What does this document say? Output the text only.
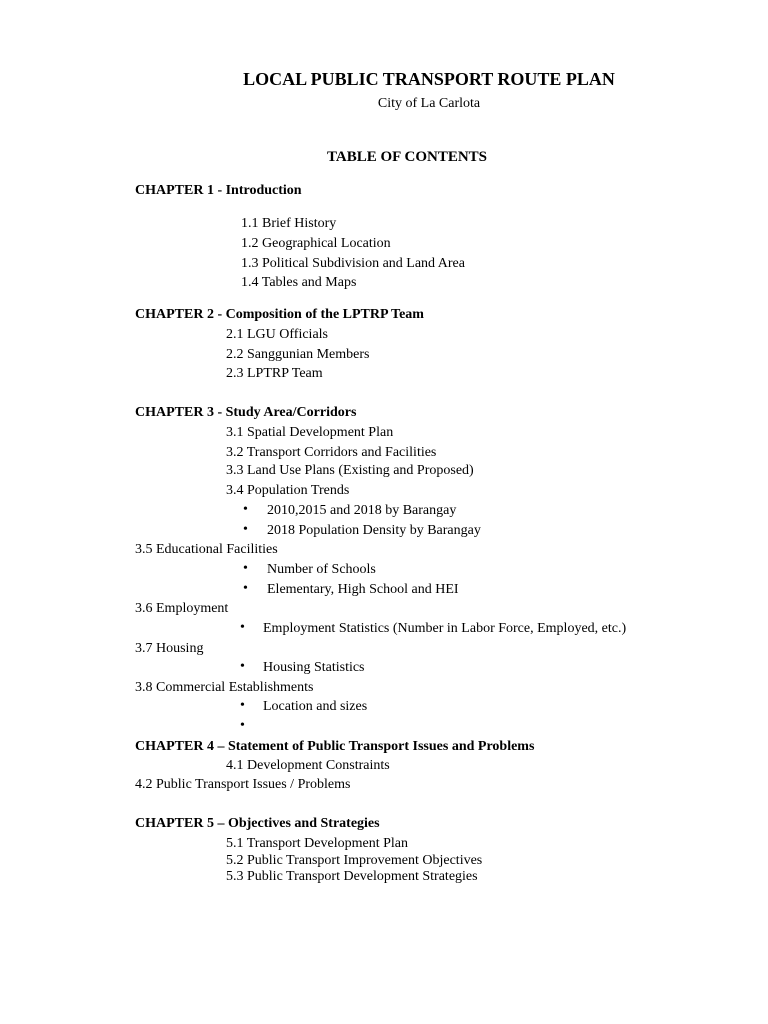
LOCAL PUBLIC TRANSPORT ROUTE PLAN
City of La Carlota
TABLE OF CONTENTS
CHAPTER 1 - Introduction
1.1 Brief History
1.2 Geographical Location
1.3 Political Subdivision and Land Area
1.4 Tables and Maps
CHAPTER 2 - Composition of the LPTRP Team
2.1 LGU Officials
2.2 Sanggunian Members
2.3 LPTRP Team
CHAPTER 3 - Study Area/Corridors
3.1 Spatial Development Plan
3.2 Transport Corridors and Facilities
3.3 Land Use Plans (Existing and Proposed)
3.4 Population Trends
• 2010,2015 and 2018 by Barangay
• 2018 Population Density by Barangay
3.5 Educational Facilities
• Number of Schools
• Elementary, High School and HEI
3.6 Employment
• Employment Statistics (Number in Labor Force, Employed, etc.)
3.7 Housing
• Housing Statistics
3.8 Commercial Establishments
• Location and sizes
•
CHAPTER 4 – Statement of Public Transport Issues and Problems
4.1 Development Constraints
4.2 Public Transport Issues / Problems
CHAPTER 5 – Objectives and Strategies
5.1 Transport Development Plan
5.2 Public Transport Improvement Objectives
5.3 Public Transport Development Strategies
